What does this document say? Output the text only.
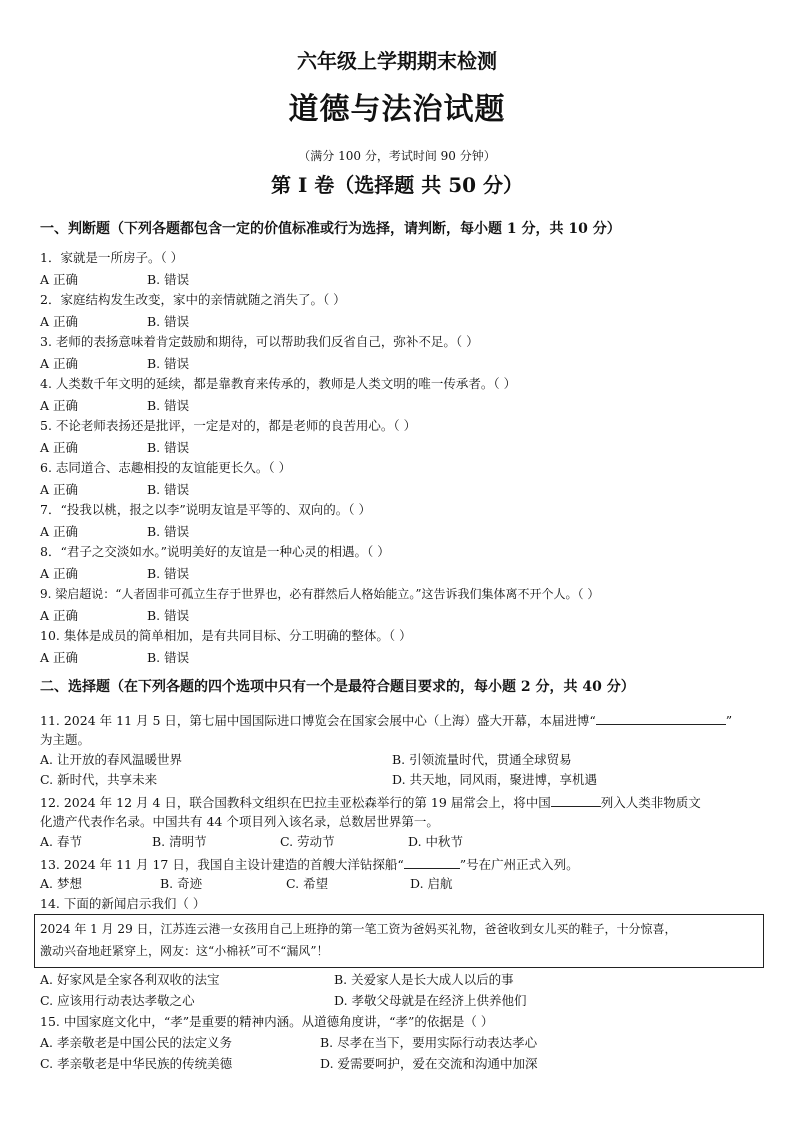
六年级上学期期末检测
道德与法治试题
（满分 100 分，考试时间 90 分钟）
第 I 卷（选择题 共 50 分）
一、判断题（下列各题都包含一定的价值标准或行为选择，请判断，每小题 1 分，共 10 分）
1．家就是一所房子。（ ）
A 正确	B. 错误
2．家庭结构发生改变，家中的亲情就随之消失了。（ ）
A 正确	B. 错误
3. 老师的表扬意味着肯定鼓励和期待，可以帮助我们反省自己，弥补不足。（ ）
A 正确	B. 错误
4. 人类数千年文明的延续，都是靠教育来传承的，教师是人类文明的唯一传承者。（ ）
A 正确	B. 错误
5. 不论老师表扬还是批评，一定是对的，都是老师的良苦用心。（ ）
A 正确	B. 错误
6. 志同道合、志趣相投的友谊能更长久。（ ）
A 正确	B. 错误
7．“投我以桃，报之以李”说明友谊是平等的、双向的。（ ）
A 正确	B. 错误
8．“君子之交淡如水。”说明美好的友谊是一种心灵的相遇。（ ）
A 正确	B. 错误
9. 梁启超说：“人者固非可孤立生存于世界也，必有群然后人格始能立。”这告诉我们集体离不开个人。（ ）
A 正确	B. 错误
10. 集体是成员的简单相加，是有共同目标、分工明确的整体。（ ）
A 正确	B. 错误
二、选择题（在下列各题的四个选项中只有一个是最符合题目要求的，每小题 2 分，共 40 分）
11. 2024 年 11 月 5 日，第七届中国国际进口博览会在国家会展中心（上海）盛大开幕，本届进博“	”
为主题。
A. 让开放的春风温暖世界	B. 引领流量时代，贯通全球贸易
C. 新时代，共享未来	D. 共天地，同风雨，聚进博，享机遇
12. 2024 年 12 月 4 日，联合国教科文组织在巴拉圭亚松森举行的第 19 届常会上，将中国	列入人类非物质文
化遗产代表作名录。中国共有 44 个项目列入该名录，总数居世界第一。
A. 春节	B. 清明节	C. 劳动节	D. 中秋节
13. 2024 年 11 月 17 日，我国自主设计建造的首艘大洋钻探船“	”号在广州正式入列。
A. 梦想	B. 奇迹	C. 希望	D. 启航
14. 下面的新闻启示我们（ ）
2024 年 1 月 29 日，江苏连云港一女孩用自己上班挣的第一笔工资为爸妈买礼物，爸爸收到女儿买的鞋子，十分惊喜，
激动兴奋地赶紧穿上，网友：这“小棉袄”可不“漏风”！
A. 好家风是全家各利双收的法宝	B. 关爱家人是长大成人以后的事
C. 应该用行动表达孝敬之心	D. 孝敬父母就是在经济上供养他们
15. 中国家庭文化中，“孝”是重要的精神内涵。从道德角度讲，“孝”的依据是（ ）
A. 孝亲敬老是中国公民的法定义务	B. 尽孝在当下，要用实际行动表达孝心
C. 孝亲敬老是中华民族的传统美德	D. 爱需要呵护，爱在交流和沟通中加深
